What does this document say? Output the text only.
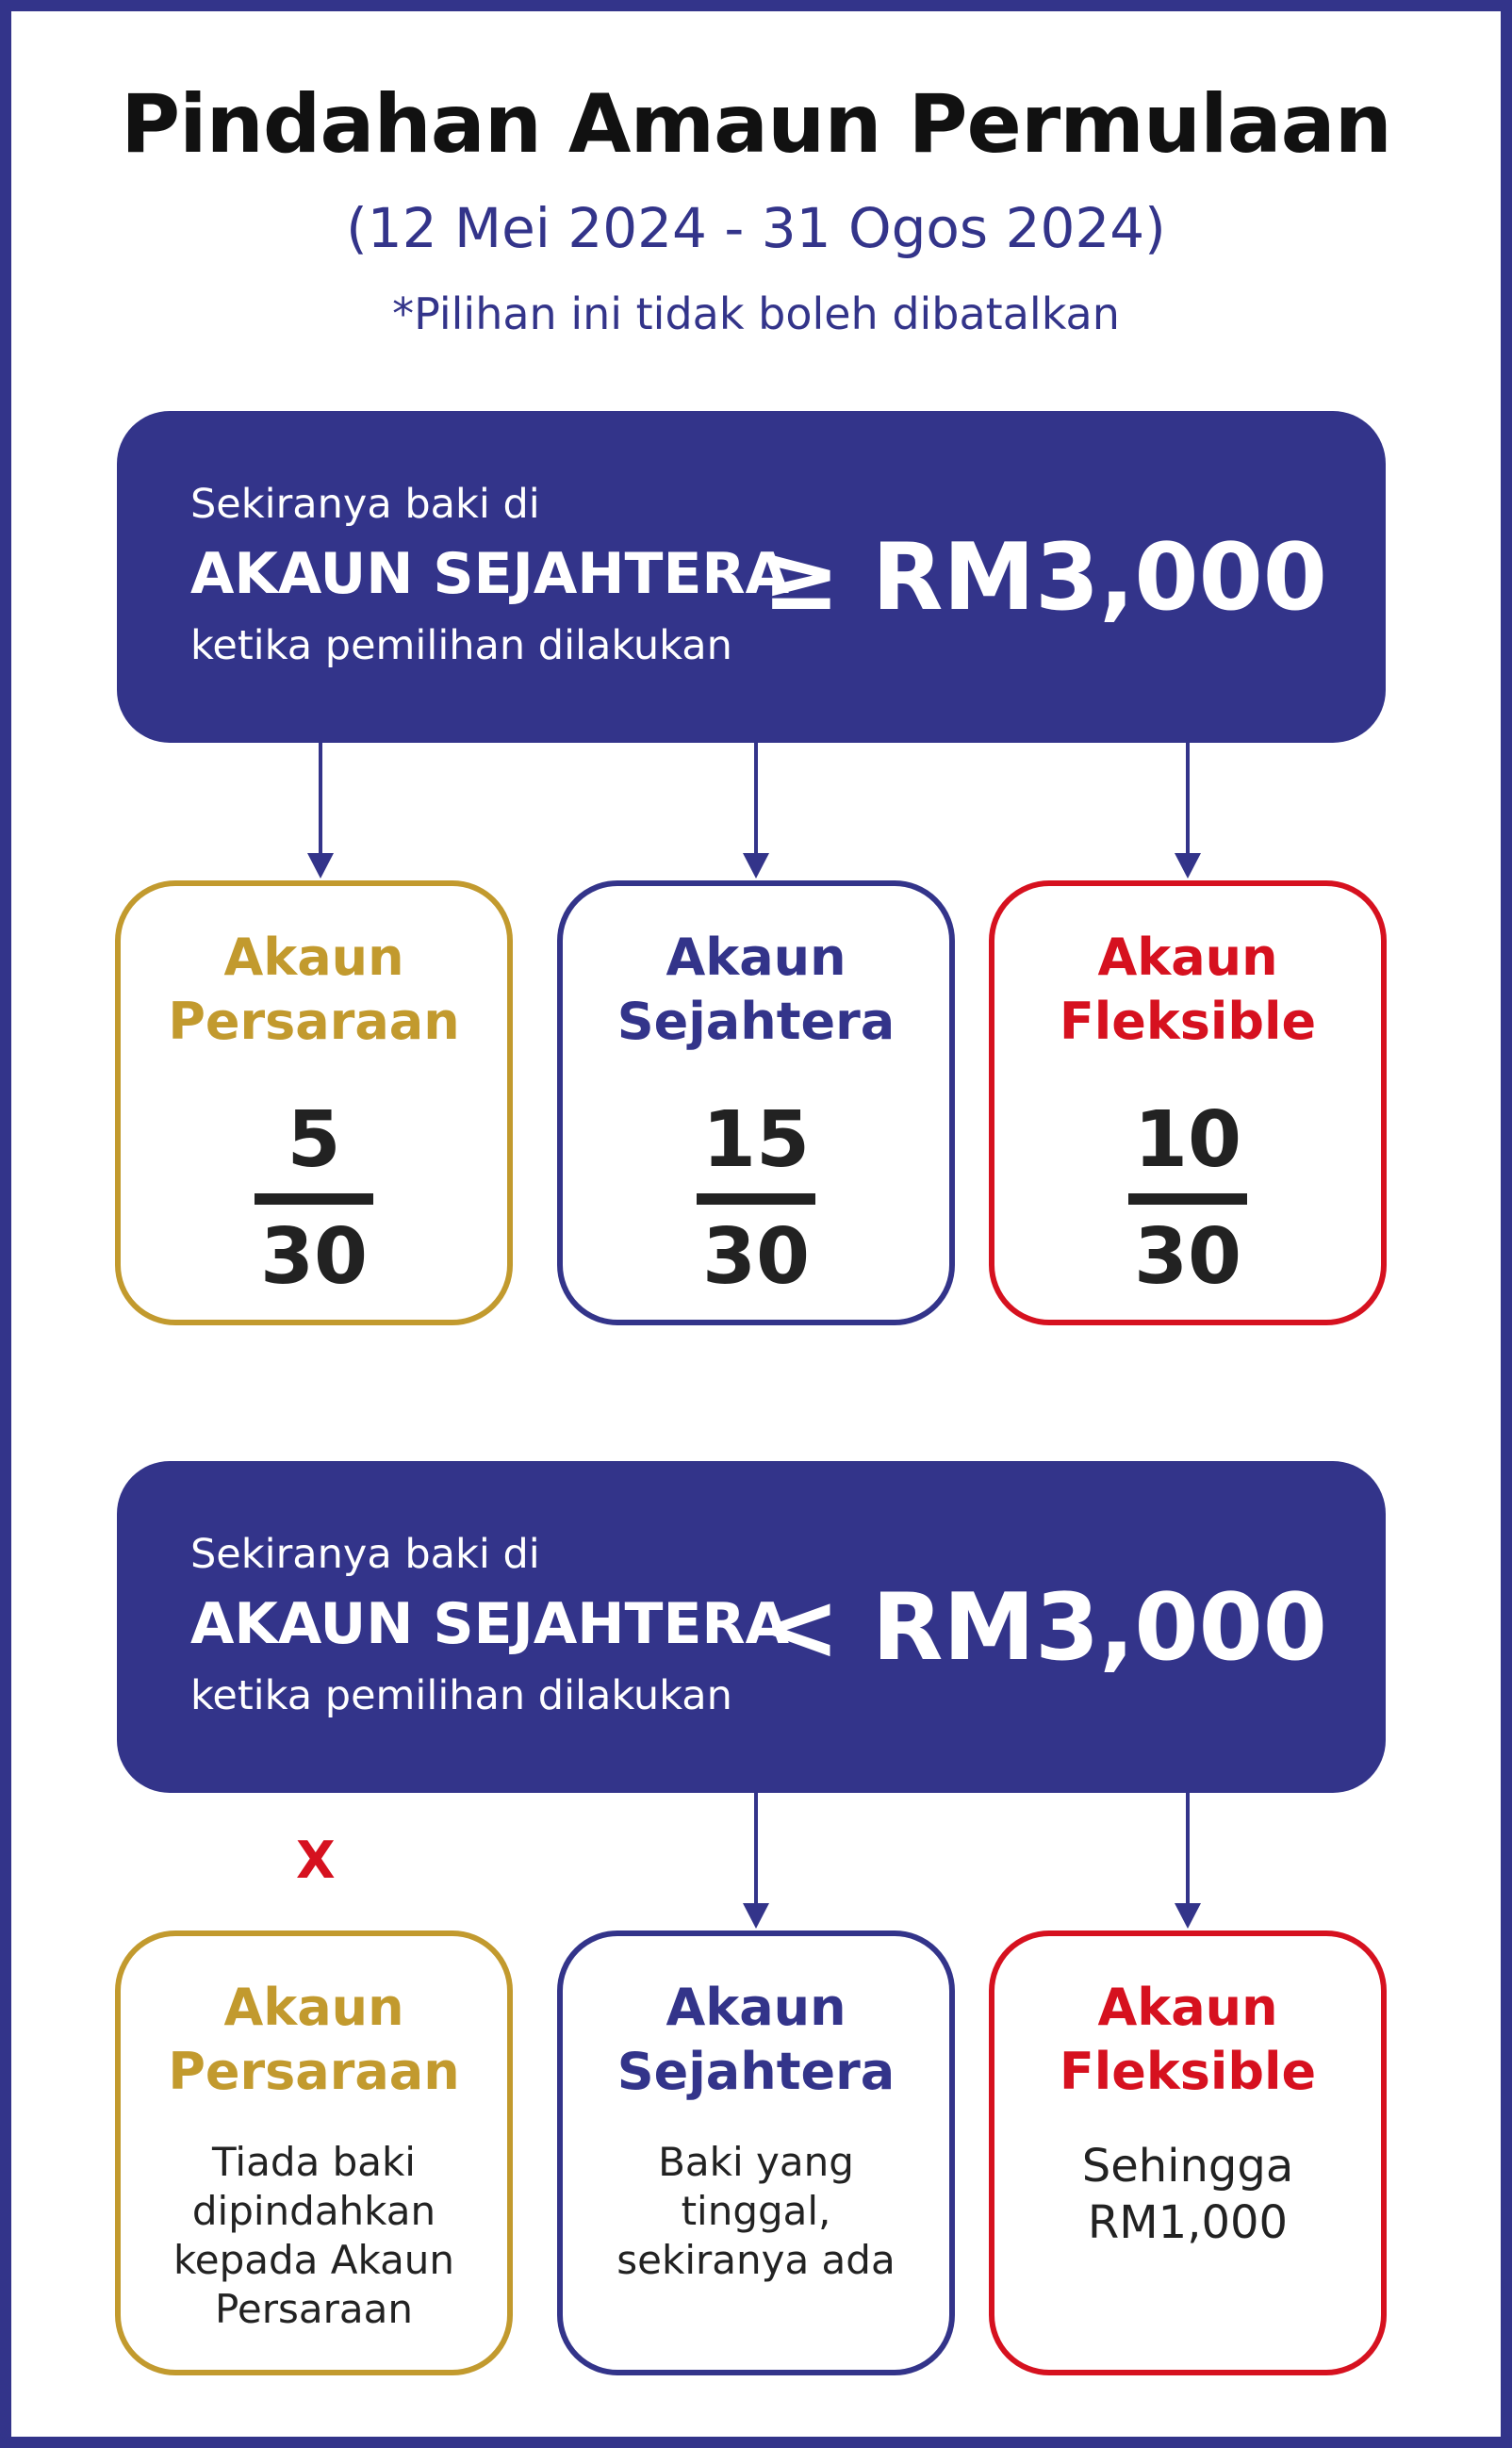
Pindahan Amaun Permulaan
(12 Mei 2024 - 31 Ogos 2024)
*Pilihan ini tidak boleh dibatalkan
Sekiranya baki di
AKAUN SEJAHTERA
ketika pemilihan dilakukan
≥ RM3,000
Akaun
Persaraan
5
30
Akaun
Sejahtera
15
30
Akaun
Fleksible
10
30
Sekiranya baki di
AKAUN SEJAHTERA
ketika pemilihan dilakukan
< RM3,000
X
Akaun
Persaraan
Tiada baki
dipindahkan
kepada Akaun
Persaraan
Akaun
Sejahtera
Baki yang
tinggal,
sekiranya ada
Akaun
Fleksible
Sehingga
RM1,000
